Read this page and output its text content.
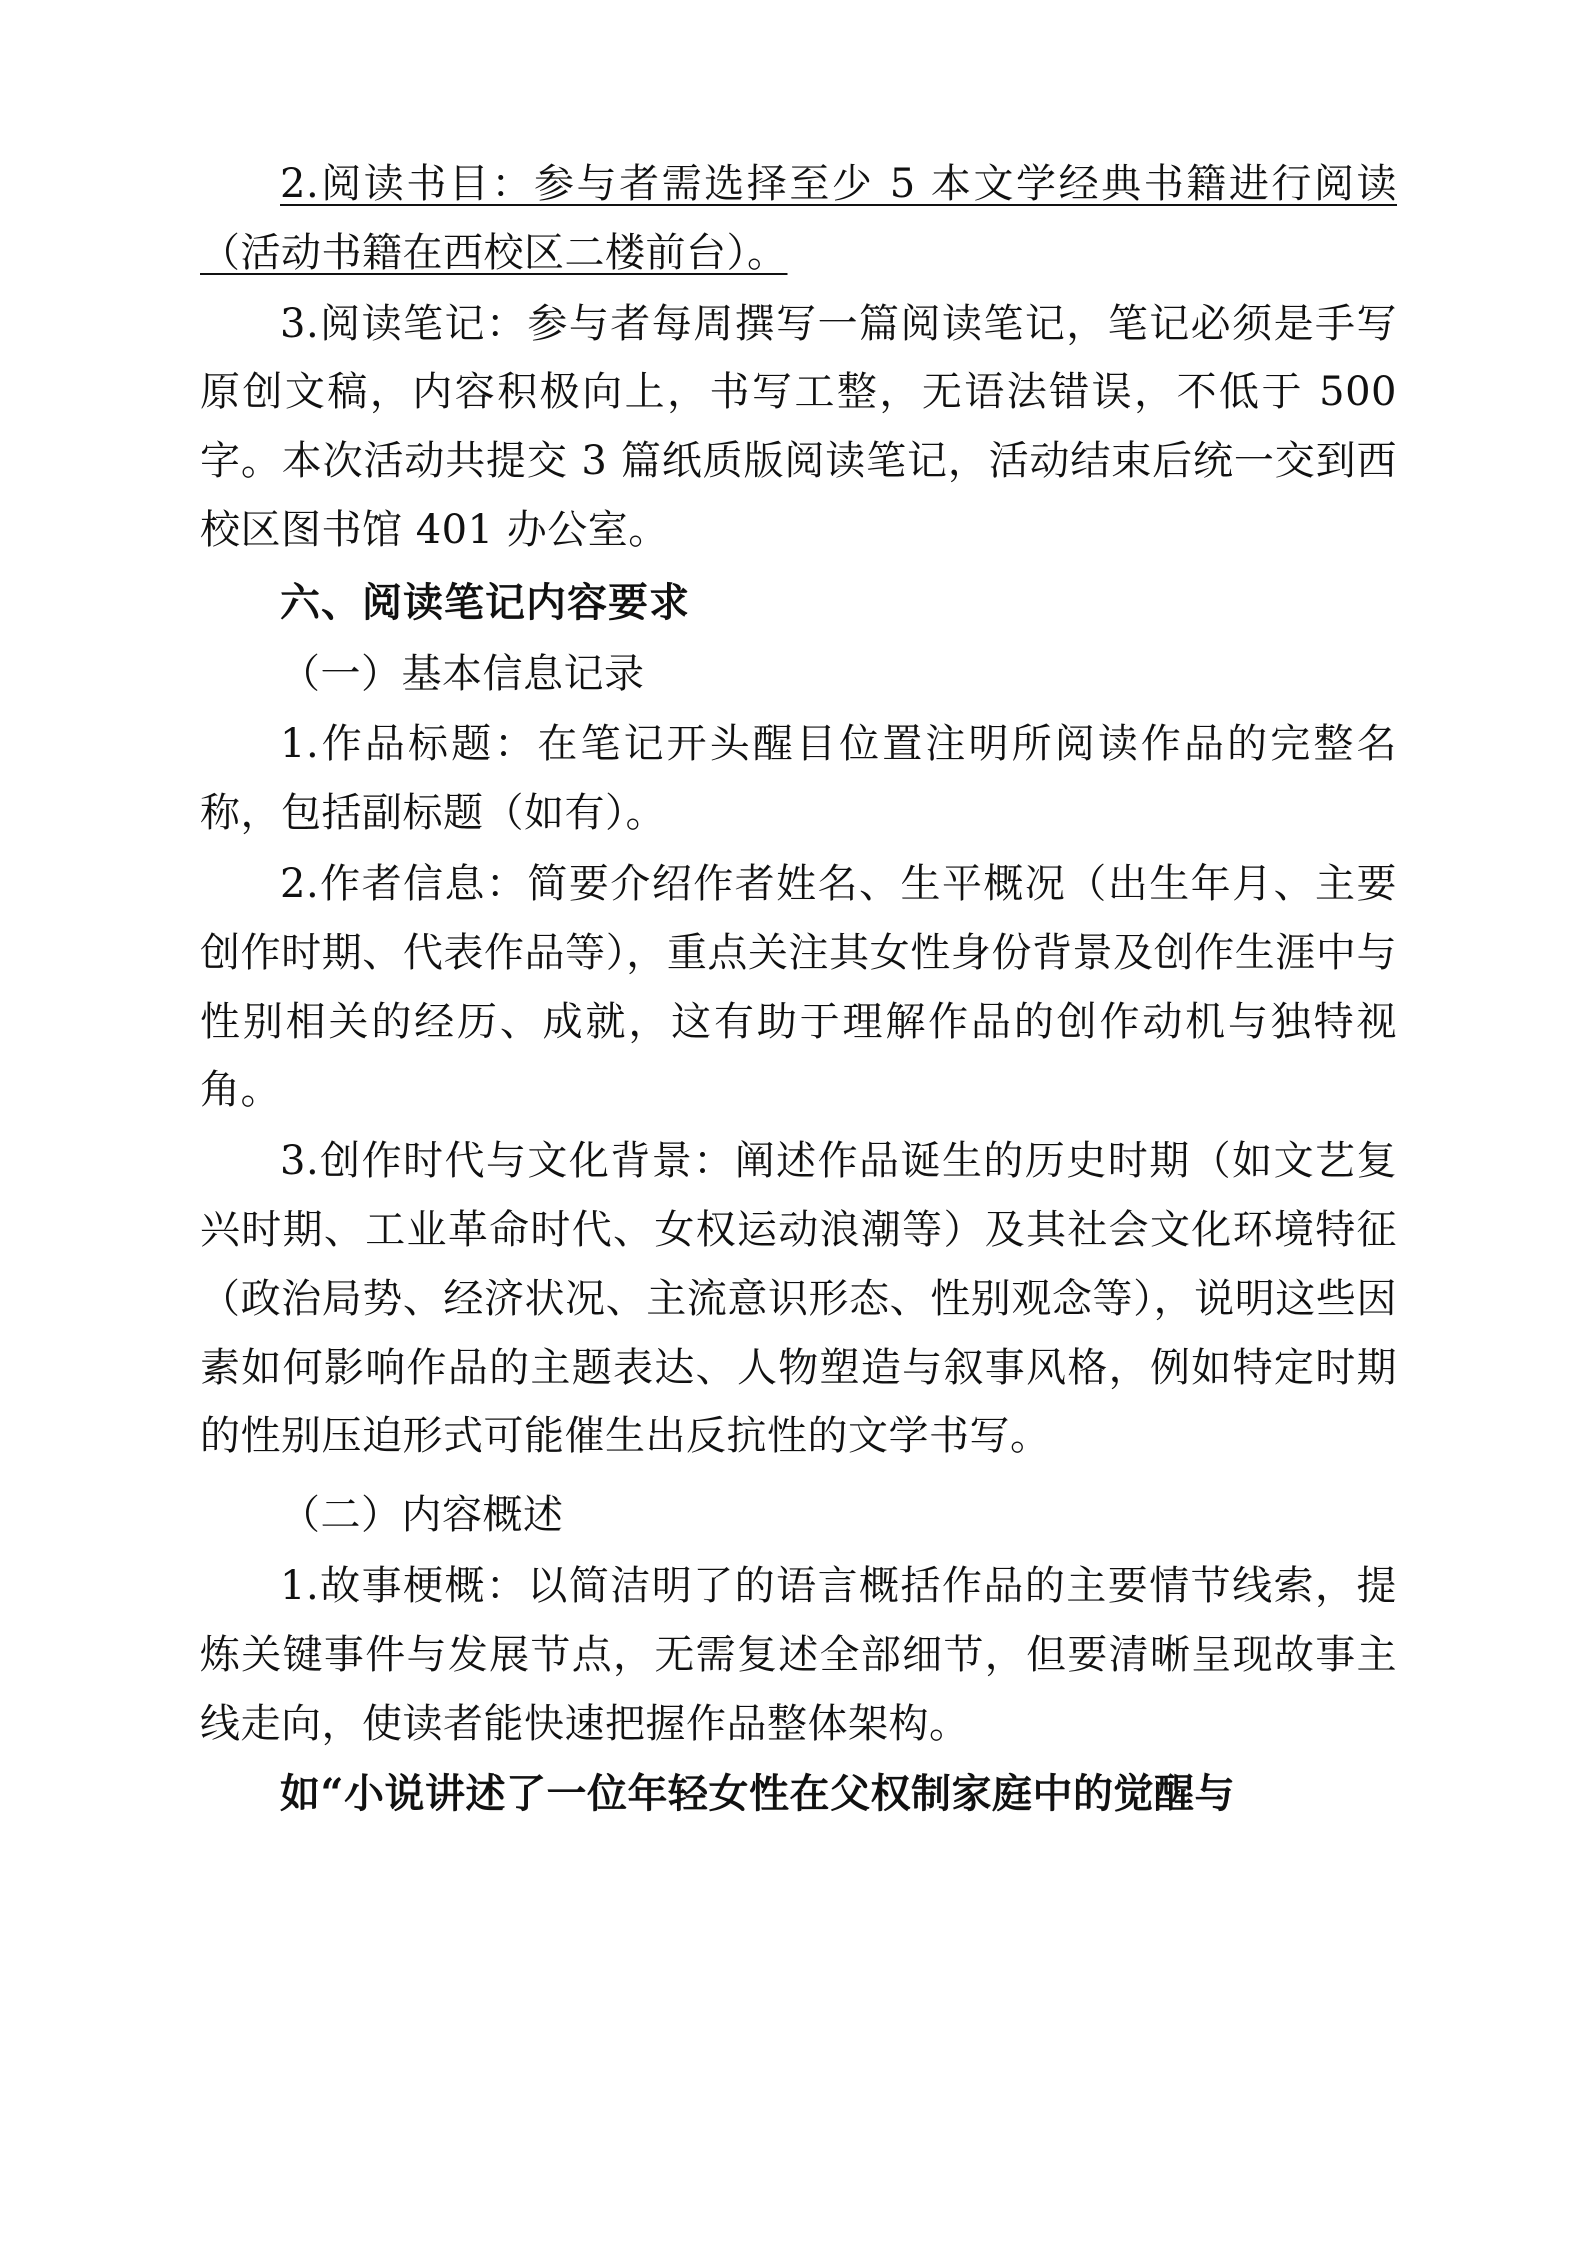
2.阅读书目：参与者需选择至少 5 本文学经典书籍进行阅读（活动书籍在西校区二楼前台）。

3.阅读笔记：参与者每周撰写一篇阅读笔记，笔记必须是手写原创文稿，内容积极向上，书写工整，无语法错误，不低于 500 字。本次活动共提交 3 篇纸质版阅读笔记，活动结束后统一交到西校区图书馆 401 办公室。

六、阅读笔记内容要求

（一）基本信息记录

1.作品标题：在笔记开头醒目位置注明所阅读作品的完整名称，包括副标题（如有）。

2.作者信息：简要介绍作者姓名、生平概况（出生年月、主要创作时期、代表作品等），重点关注其女性身份背景及创作生涯中与性别相关的经历、成就，这有助于理解作品的创作动机与独特视角。

3.创作时代与文化背景：阐述作品诞生的历史时期（如文艺复兴时期、工业革命时代、女权运动浪潮等）及其社会文化环境特征（政治局势、经济状况、主流意识形态、性别观念等），说明这些因素如何影响作品的主题表达、人物塑造与叙事风格，例如特定时期的性别压迫形式可能催生出反抗性的文学书写。

（二）内容概述

1.故事梗概：以简洁明了的语言概括作品的主要情节线索，提炼关键事件与发展节点，无需复述全部细节，但要清晰呈现故事主线走向，使读者能快速把握作品整体架构。

如“小说讲述了一位年轻女性在父权制家庭中的觉醒与
